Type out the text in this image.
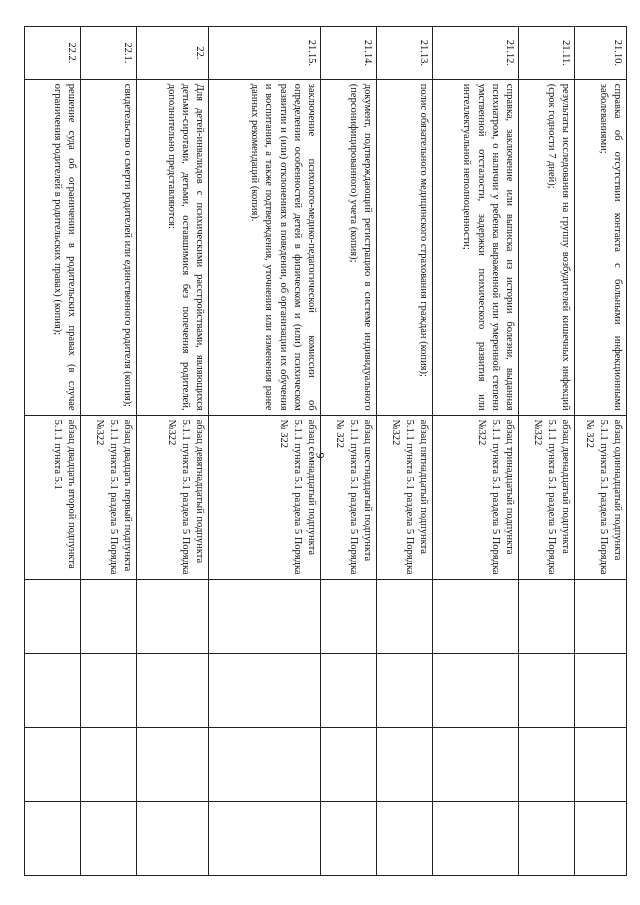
9
21.10.	справка об отсутствии контакта с больными инфекционными заболеваниями;	абзац одиннадцатый подпункта 5.1.1 пункта 5.1 раздела 5 Порядка № 322				
21.11.	результаты исследования на группу возбудителей кишечных инфекций (срок годности 7 дней);	абзац двенадцатый подпункта 5.1.1 пункта 5.1 раздела 5 Порядка №322				
21.12.	справка, заключение или выписка из истории болезни, выданная психиатром, о наличии у ребенка выраженной или умеренной степени умственной отсталости, задержки психического развития или интеллектуальной неполноценности;	абзац тринадцатый подпункта 5.1.1 пункта 5.1 раздела 5 Порядка №322				
21.13.	полис обязательного медицинского страхования граждан (копия);	абзац пятнадцатый подпункта 5.1.1 пункта 5.1 раздела 5 Порядка №322				
21.14.	документ, подтверждающий регистрацию в системе индивидуального (персонифицированного) учета (копия);	абзац шестнадцатый подпункта 5.1.1 пункта 5.1 раздела 5 Порядка № 322				
21.15.	заключение психолого-медико-педагогической комиссии об определении особенностей детей в физическом и (или) психическом развитии и (или) отклонениях в поведении, об организации их обучения и воспитания, а также подтверждения, уточнения или изменения ранее данных рекомендаций (копия).	абзац семнадцатый подпункта 5.1.1 пункта 5.1 раздела 5 Порядка № 322				
22.	Для детей-инвалидов с психическими расстройствами, являющихся детьми-сиротами, детьми, оставшимися без попечения родителей, дополнительно представляются:	абзац девятнадцатый подпункта 5.1.1 пункта 5.1 раздела 5 Порядка №322				
22.1.	свидетельство о смерти родителей или единственного родителя (копия);	абзац двадцать первый подпункта 5.1.1 пункта 5.1 раздела 5 Порядка №322				
22.2.	решение суда об ограничении в родительских правах (в случае ограничения родителей в родительских правах) (копия);	абзац двадцать второй подпункта 5.1.1 пункта 5.1				
